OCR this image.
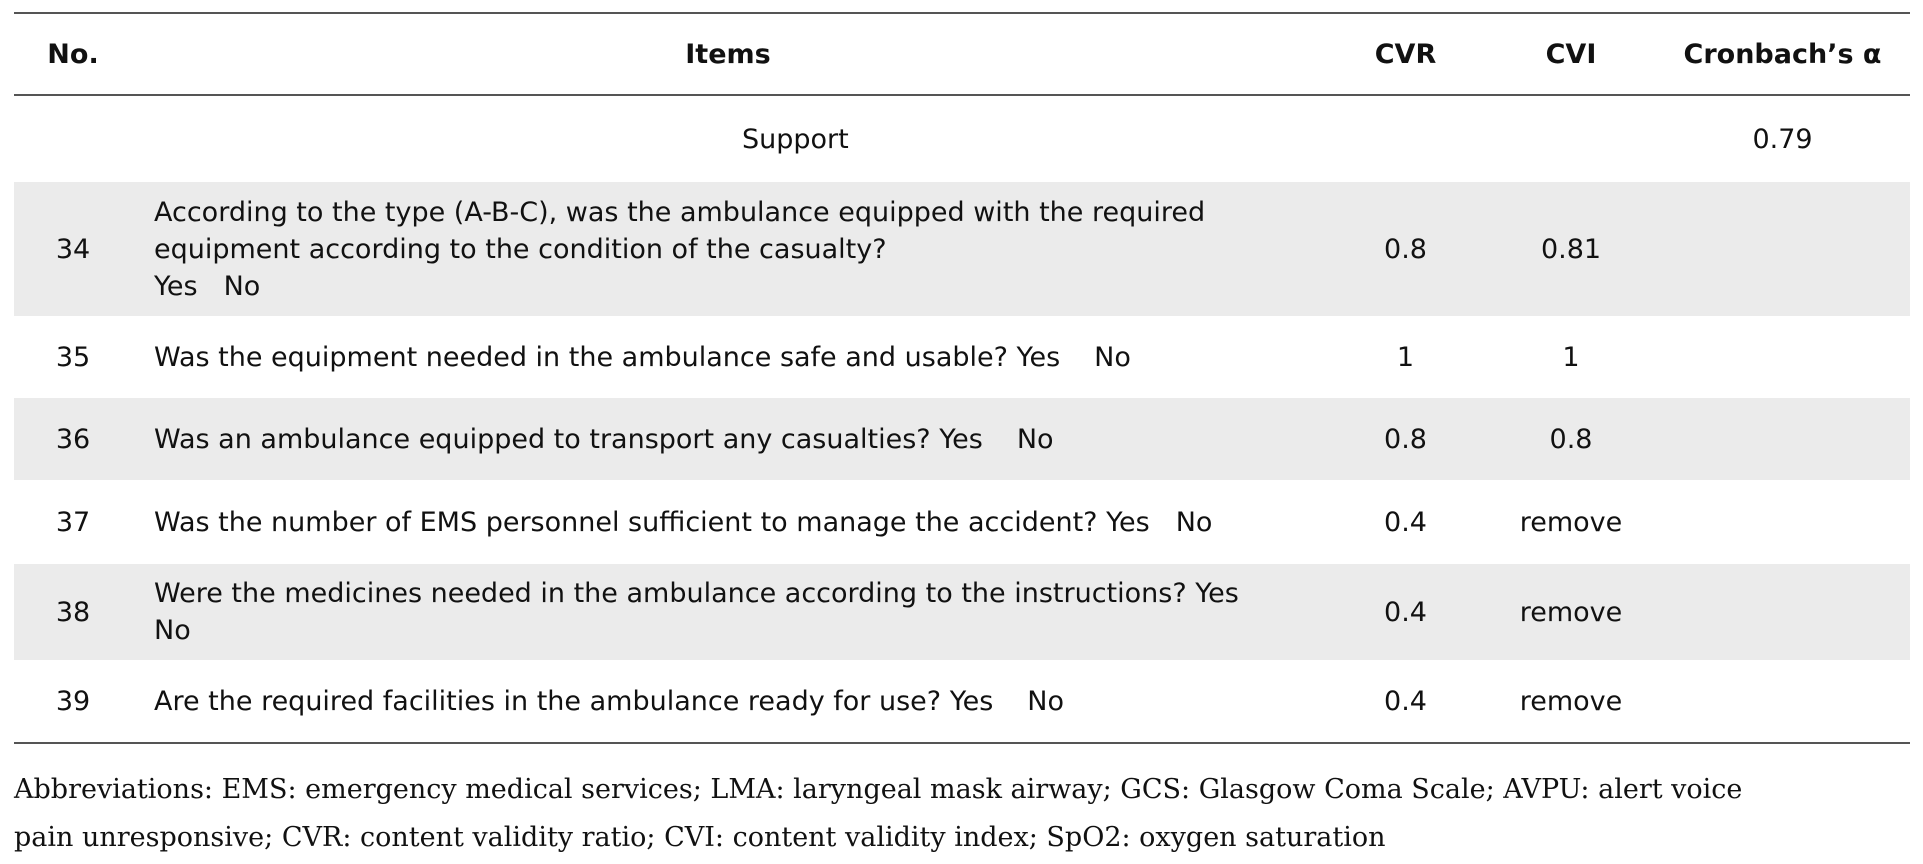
No.	Items	CVR	CVI	Cronbach’s α
	Support			0.79
34	According to the type (A-B-C), was the ambulance equipped with the required
equipment according to the condition of the casualty?
Yes No	0.8	0.81	
35	Was the equipment needed in the ambulance safe and usable? Yes No	1	1	
36	Was an ambulance equipped to transport any casualties? Yes No	0.8	0.8	
37	Was the number of EMS personnel sufficient to manage the accident? Yes No	0.4	remove	
38	Were the medicines needed in the ambulance according to the instructions? Yes
No	0.4	remove	
39	Are the required facilities in the ambulance ready for use? Yes No	0.4	remove	
Abbreviations: EMS: emergency medical services; LMA: laryngeal mask airway; GCS: Glasgow Coma Scale; AVPU: alert voice
pain unresponsive; CVR: content validity ratio; CVI: content validity index; SpO2: oxygen saturation
